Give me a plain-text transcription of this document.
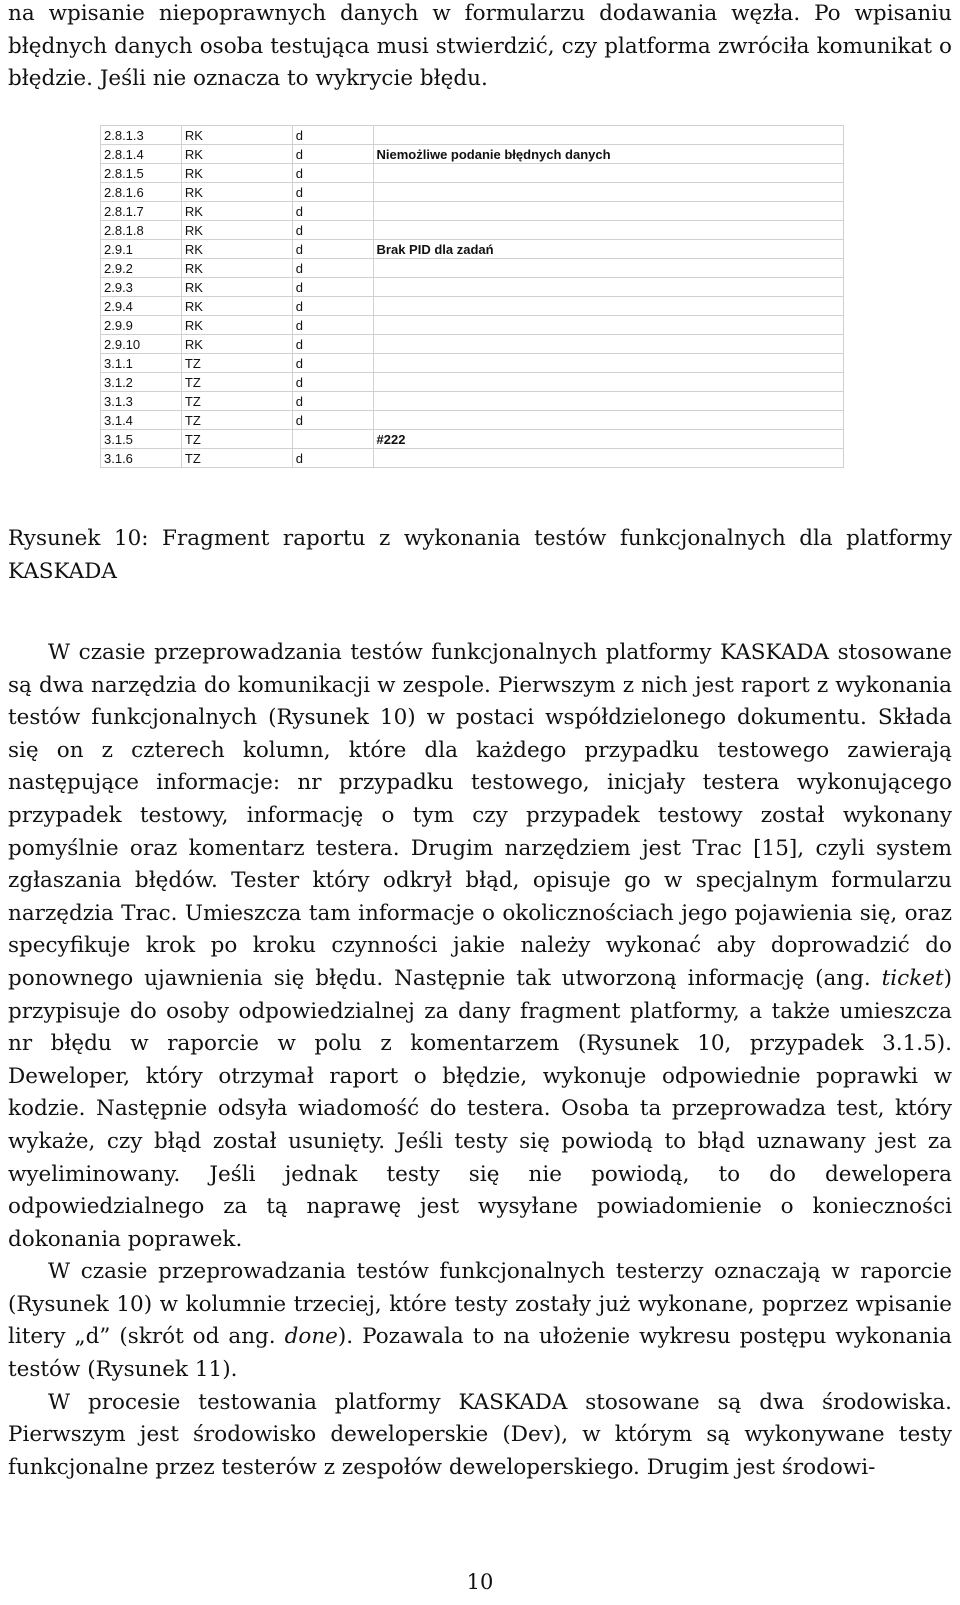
na wpisanie niepoprawnych danych w formularzu dodawania węzła. Po wpisaniu błędnych danych osoba testująca musi stwierdzić, czy platforma zwróciła komunikat o błędzie. Jeśli nie oznacza to wykrycie błędu.

2.8.1.3	RK	d	
2.8.1.4	RK	d	Niemożliwe podanie błędnych danych
2.8.1.5	RK	d	
2.8.1.6	RK	d	
2.8.1.7	RK	d	
2.8.1.8	RK	d	
2.9.1	RK	d	Brak PID dla zadań
2.9.2	RK	d	
2.9.3	RK	d	
2.9.4	RK	d	
2.9.9	RK	d	
2.9.10	RK	d	
3.1.1	TZ	d	
3.1.2	TZ	d	
3.1.3	TZ	d	
3.1.4	TZ	d	
3.1.5	TZ		#222
3.1.6	TZ	d	

Rysunek 10: Fragment raportu z wykonania testów funkcjonalnych dla platformy KASKADA

W czasie przeprowadzania testów funkcjonalnych platformy KASKADA stosowane są dwa narzędzia do komunikacji w zespole. Pierwszym z nich jest raport z wykonania testów funkcjonalnych (Rysunek 10) w postaci współdzielonego dokumentu. Składa się on z czterech kolumn, które dla każdego przypadku testowego zawierają następujące informacje: nr przypadku testowego, inicjały testera wykonującego przypadek testowy, informację o tym czy przypadek testowy został wykonany pomyślnie oraz komentarz testera. Drugim narzędziem jest Trac [15], czyli system zgłaszania błędów. Tester który odkrył błąd, opisuje go w specjalnym formularzu narzędzia Trac. Umieszcza tam informacje o okolicznościach jego pojawienia się, oraz specyfikuje krok po kroku czynności jakie należy wykonać aby doprowadzić do ponownego ujawnienia się błędu. Następnie tak utworzoną informację (ang. ticket) przypisuje do osoby odpowiedzialnej za dany fragment platformy, a także umieszcza nr błędu w raporcie w polu z komentarzem (Rysunek 10, przypadek 3.1.5). Deweloper, który otrzymał raport o błędzie, wykonuje odpowiednie poprawki w kodzie. Następnie odsyła wiadomość do testera. Osoba ta przeprowadza test, który wykaże, czy błąd został usunięty. Jeśli testy się powiodą to błąd uznawany jest za wyeliminowany. Jeśli jednak testy się nie powiodą, to do dewelopera odpowiedzialnego za tą naprawę jest wysyłane powiadomienie o konieczności dokonania poprawek.

W czasie przeprowadzania testów funkcjonalnych testerzy oznaczają w raporcie (Rysunek 10) w kolumnie trzeciej, które testy zostały już wykonane, poprzez wpisanie litery „d” (skrót od ang. done). Pozawala to na ułożenie wykresu postępu wykonania testów (Rysunek 11).

W procesie testowania platformy KASKADA stosowane są dwa środowiska. Pierwszym jest środowisko deweloperskie (Dev), w którym są wykonywane testy funkcjonalne przez testerów z zespołów deweloperskiego. Drugim jest środowi-

10
